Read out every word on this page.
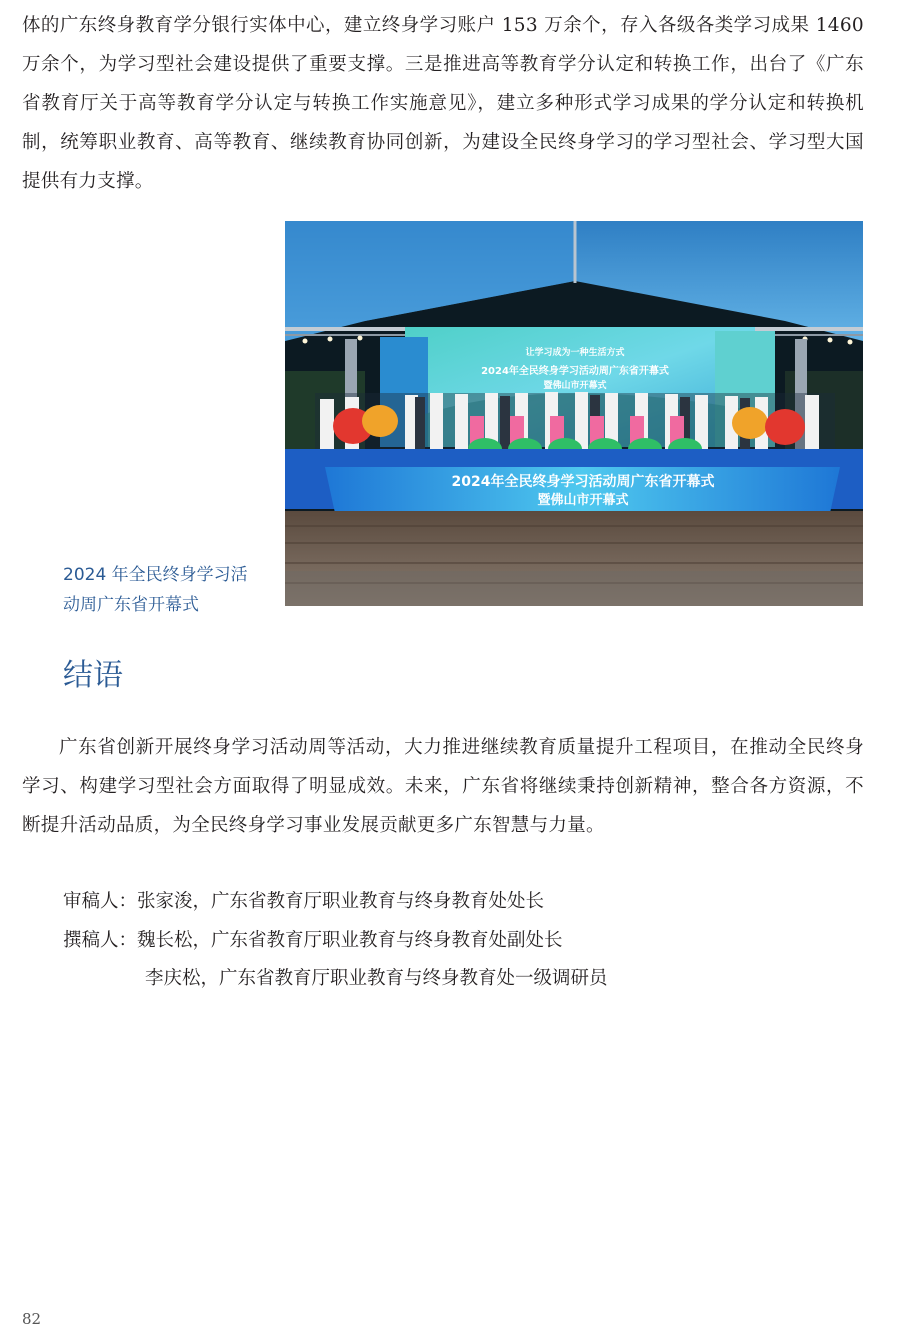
体的广东终身教育学分银行实体中心，建立终身学习账户 153 万余个，存入各级各类学习成果 1460 万余个，为学习型社会建设提供了重要支撑。三是推进高等教育学分认定和转换工作，出台了《广东省教育厅关于高等教育学分认定与转换工作实施意见》，建立多种形式学习成果的学分认定和转换机制，统筹职业教育、高等教育、继续教育协同创新，为建设全民终身学习的学习型社会、学习型大国提供有力支撑。
让学习成为一种生活方式
2024年全民终身学习活动周广东省开幕式
暨佛山市开幕式
2024年全民终身学习活动周广东省开幕式
暨佛山市开幕式
2024 年全民终身学习活
动周广东省开幕式
结语
广东省创新开展终身学习活动周等活动，大力推进继续教育质量提升工程项目，在推动全民终身学习、构建学习型社会方面取得了明显成效。未来，广东省将继续秉持创新精神，整合各方资源，不断提升活动品质，为全民终身学习事业发展贡献更多广东智慧与力量。
审稿人：张家浚，广东省教育厅职业教育与终身教育处处长
撰稿人：魏长松，广东省教育厅职业教育与终身教育处副处长
李庆松，广东省教育厅职业教育与终身教育处一级调研员
82
